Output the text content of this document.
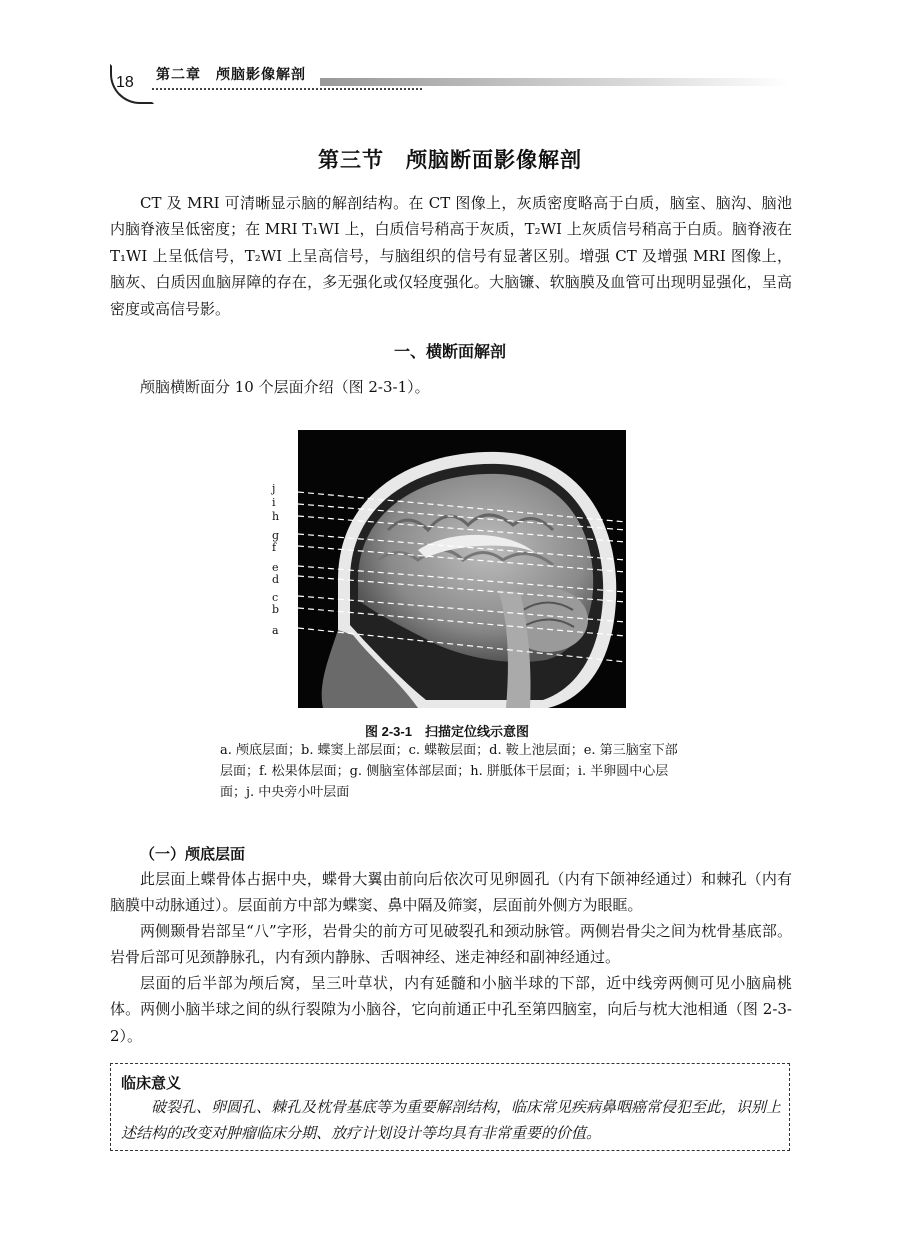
18 第二章　颅脑影像解剖
第三节　颅脑断面影像解剖

CT 及 MRI 可清晰显示脑的解剖结构。在 CT 图像上，灰质密度略高于白质，脑室、脑沟、脑池内脑脊液呈低密度；在 MRI T₁WI 上，白质信号稍高于灰质，T₂WI 上灰质信号稍高于白质。脑脊液在 T₁WI 上呈低信号，T₂WI 上呈高信号，与脑组织的信号有显著区别。增强 CT 及增强 MRI 图像上，脑灰、白质因血脑屏障的存在，多无强化或仅轻度强化。大脑镰、软脑膜及血管可出现明显强化，呈高密度或高信号影。

一、横断面解剖

颅脑横断面分 10 个层面介绍（图 2-3-1）。

j
i
h
g
f
e
d
c
b
a
图 2-3-1　扫描定位线示意图
a. 颅底层面；b. 蝶窦上部层面；c. 蝶鞍层面；d. 鞍上池层面；e. 第三脑室下部层面；f. 松果体层面；g. 侧脑室体部层面；h. 胼胝体干层面；i. 半卵圆中心层面；j. 中央旁小叶层面
（一）颅底层面

此层面上蝶骨体占据中央，蝶骨大翼由前向后依次可见卵圆孔（内有下颌神经通过）和棘孔（内有脑膜中动脉通过）。层面前方中部为蝶窦、鼻中隔及筛窦，层面前外侧方为眼眶。

两侧颞骨岩部呈“八”字形，岩骨尖的前方可见破裂孔和颈动脉管。两侧岩骨尖之间为枕骨基底部。岩骨后部可见颈静脉孔，内有颈内静脉、舌咽神经、迷走神经和副神经通过。

层面的后半部为颅后窝，呈三叶草状，内有延髓和小脑半球的下部，近中线旁两侧可见小脑扁桃体。两侧小脑半球之间的纵行裂隙为小脑谷，它向前通正中孔至第四脑室，向后与枕大池相通（图 2-3-2）。

临床意义
破裂孔、卵圆孔、棘孔及枕骨基底等为重要解剖结构，临床常见疾病鼻咽癌常侵犯至此，识别上述结构的改变对肿瘤临床分期、放疗计划设计等均具有非常重要的价值。
